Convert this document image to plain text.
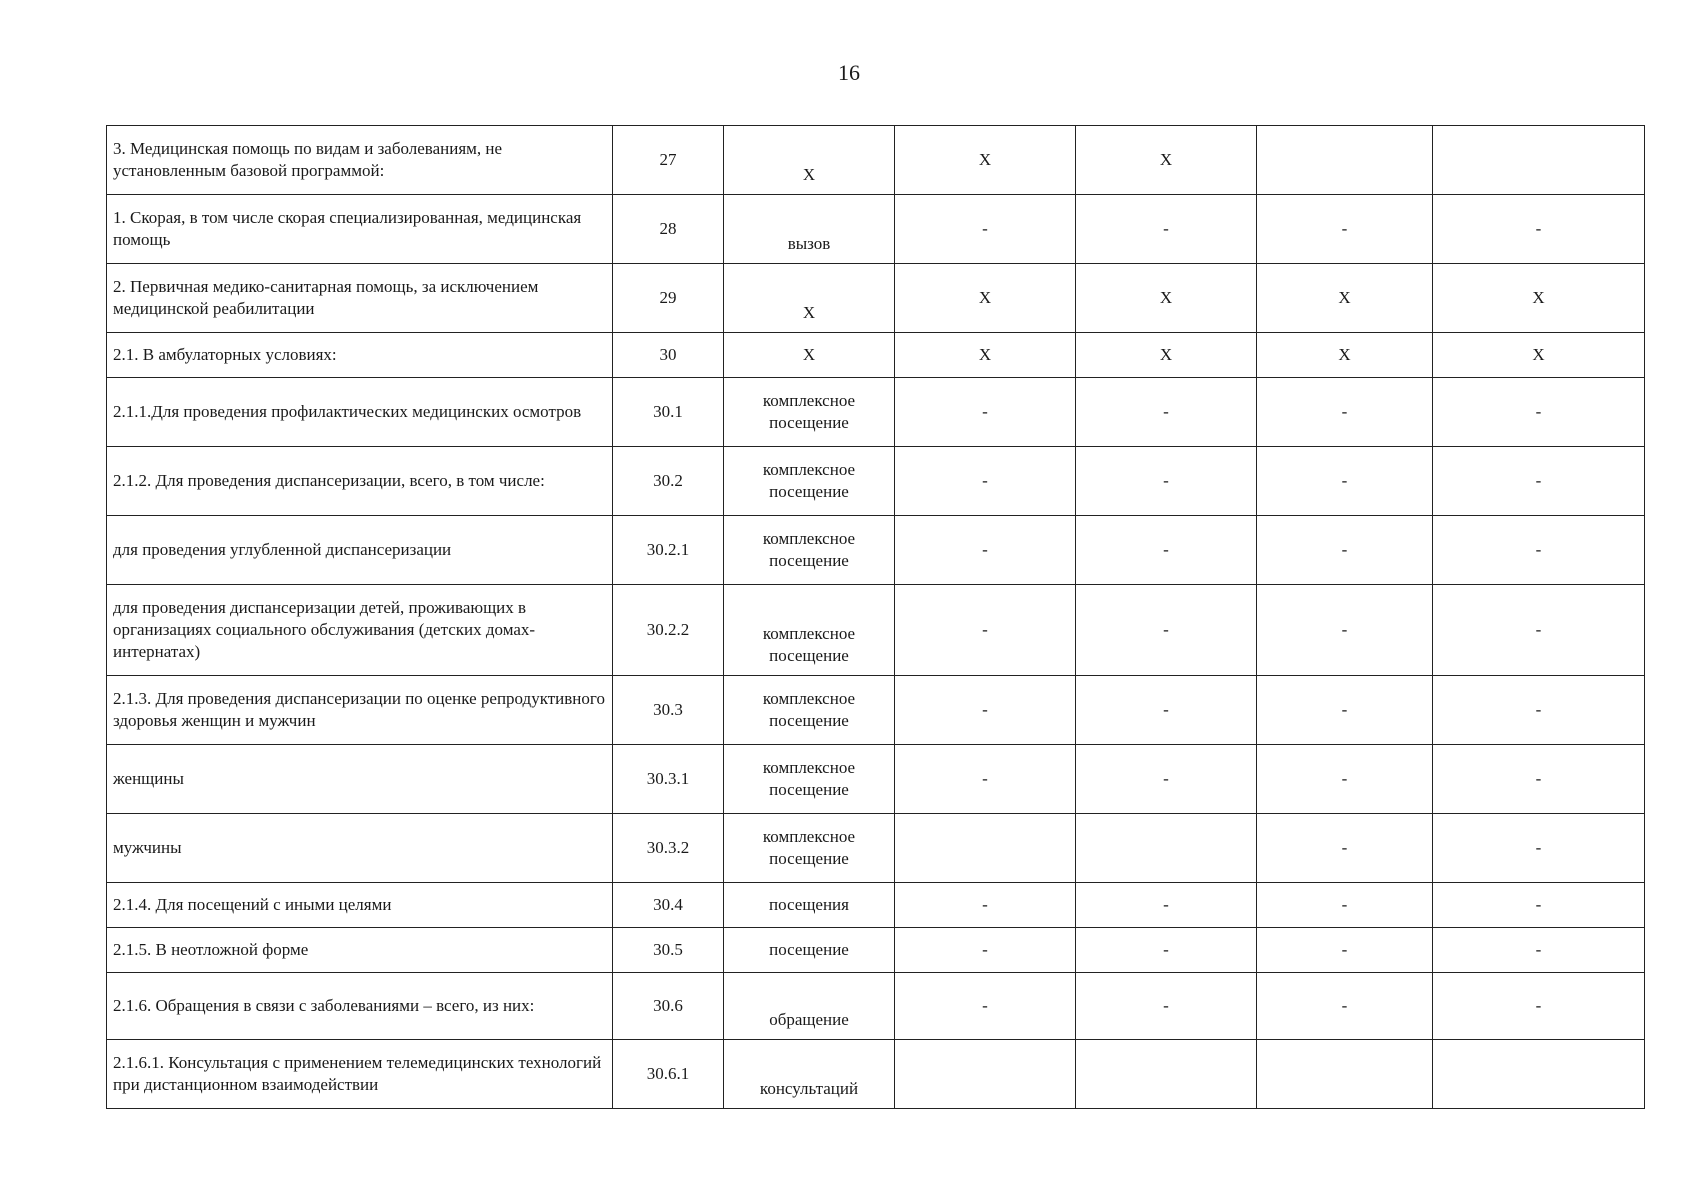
16
3. Медицинская помощь по видам и заболеваниям, не установленным базовой программой:	27	Х	Х	Х		
1. Скорая, в том числе скорая специализированная, медицинская помощь	28	вызов	-	-	-	-
2. Первичная медико-санитарная помощь, за исключением медицинской реабилитации	29	Х	Х	Х	Х	Х
2.1. В амбулаторных условиях:	30	Х	Х	Х	Х	Х
2.1.1.Для проведения профилактических медицинских осмотров	30.1	комплексное посещение	-	-	-	-
2.1.2. Для проведения диспансеризации, всего, в том числе:	30.2	комплексное посещение	-	-	-	-
для проведения углубленной диспансеризации	30.2.1	комплексное посещение	-	-	-	-
для проведения диспансеризации детей, проживающих в организациях социального обслуживания (детских домах-интернатах)	30.2.2	комплексное посещение	-	-	-	-
2.1.3. Для проведения диспансеризации по оценке репродуктивного здоровья женщин и мужчин	30.3	комплексное посещение	-	-	-	-
женщины	30.3.1	комплексное посещение	-	-	-	-
мужчины	30.3.2	комплексное посещение			-	-
2.1.4. Для посещений с иными целями	30.4	посещения	-	-	-	-
2.1.5. В неотложной форме	30.5	посещение	-	-	-	-
2.1.6. Обращения в связи с заболеваниями – всего, из них:	30.6	обращение	-	-	-	-
2.1.6.1. Консультация с применением телемедицинских технологий при дистанционном взаимодействии	30.6.1	консультаций				
